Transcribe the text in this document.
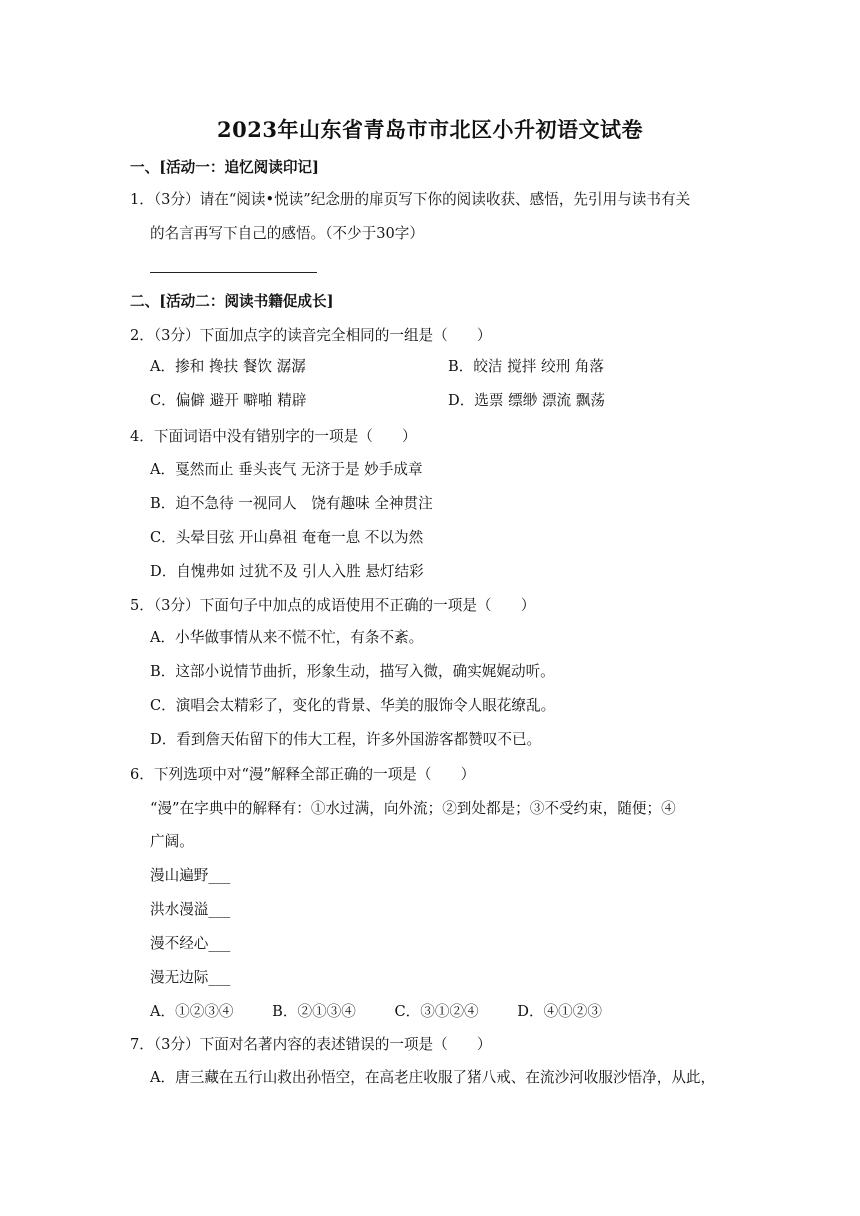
2023年山东省青岛市市北区小升初语文试卷
一、[活动一：追忆阅读印记]
1．（3分）请在“阅读•悦读”纪念册的扉页写下你的阅读收获、感悟，先引用与读书有关
的名言再写下自己的感悟。（不少于30字）
二、[活动二：阅读书籍促成长]
2．（3分）下面加点字的读音完全相同的一组是（　　）
A．掺和 搀扶 餐饮 潺潺	B．皎洁 搅拌 绞刑 角落
C．偏僻 避开 噼啪 精辟	D．选票 缥缈 漂流 飘荡
4．下面词语中没有错别字的一项是（　　）
A．戛然而止 垂头丧气 无济于是 妙手成章
B．迫不急待 一视同人　饶有趣味 全神贯注
C．头晕目弦 开山鼻祖 奄奄一息 不以为然
D．自愧弗如 过犹不及 引人入胜 悬灯结彩
5．（3分）下面句子中加点的成语使用不正确的一项是（　　）
A．小华做事情从来不慌不忙，有条不紊。
B．这部小说情节曲折，形象生动，描写入微，确实娓娓动听。
C．演唱会太精彩了，变化的背景、华美的服饰令人眼花缭乱。
D．看到詹天佑留下的伟大工程，许多外国游客都赞叹不已。
6．下列选项中对“漫”解释全部正确的一项是（　　）
“漫”在字典中的解释有：①水过满，向外流；②到处都是；③不受约束，随便；④
广阔。
漫山遍野___
洪水漫溢___
漫不经心___
漫无边际___
A．①②③④	B．②①③④	C．③①②④	D．④①②③
7．（3分）下面对名著内容的表述错误的一项是（　　）
A．唐三藏在五行山救出孙悟空，在高老庄收服了猪八戒、在流沙河收服沙悟净，从此，
